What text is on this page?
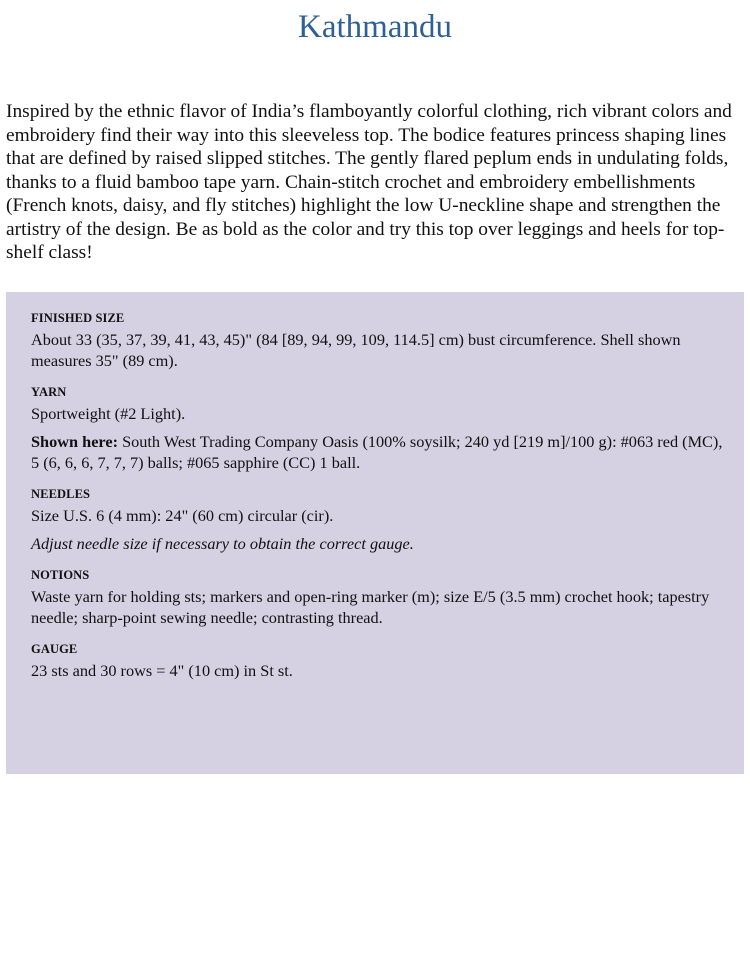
Kathmandu

Inspired by the ethnic flavor of India’s flamboyantly colorful clothing, rich vibrant colors and embroidery find their way into this sleeveless top. The bodice features princess shaping lines that are defined by raised slipped stitches. The gently flared peplum ends in undulating folds, thanks to a fluid bamboo tape yarn. Chain-stitch crochet and embroidery embellishments (French knots, daisy, and fly stitches) highlight the low U-neckline shape and strengthen the artistry of the design. Be as bold as the color and try this top over leggings and heels for top-shelf class!

FINISHED SIZE

About 33 (35, 37, 39, 41, 43, 45)" (84 [89, 94, 99, 109, 114.5] cm) bust circumference. Shell shown measures 35" (89 cm).

YARN

Sportweight (#2 Light).

Shown here: South West Trading Company Oasis (100% soysilk; 240 yd [219 m]/100 g): #063 red (MC), 5 (6, 6, 6, 7, 7, 7) balls; #065 sapphire (CC) 1 ball.

NEEDLES

Size U.S. 6 (4 mm): 24" (60 cm) circular (cir).

Adjust needle size if necessary to obtain the correct gauge.

NOTIONS

Waste yarn for holding sts; markers and open-ring marker (m); size E/5 (3.5 mm) crochet hook; tapestry needle; sharp-point sewing needle; contrasting thread.

GAUGE

23 sts and 30 rows = 4" (10 cm) in St st.
